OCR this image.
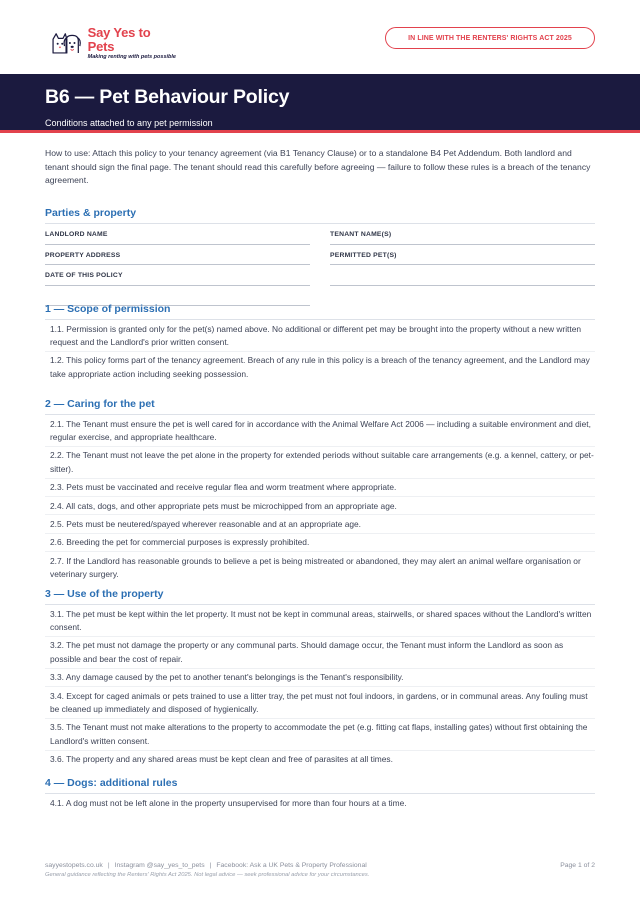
Say Yes to Pets
Making renting with pets possible
IN LINE WITH THE RENTERS' RIGHTS ACT 2025
B6 — Pet Behaviour Policy
Conditions attached to any pet permission

How to use: Attach this policy to your tenancy agreement (via B1 Tenancy Clause) or to a standalone B4 Pet Addendum. Both landlord and tenant should sign the final page. The tenant should read this carefully before agreeing — failure to follow these rules is a breach of the tenancy agreement.

Parties & property
LANDLORD NAME	TENANT NAME(S)
PROPERTY ADDRESS	PERMITTED PET(S)
DATE OF THIS POLICY
1 — Scope of permission
1.1. Permission is granted only for the pet(s) named above. No additional or different pet may be brought into the property without a new written request and the Landlord's prior written consent.
1.2. This policy forms part of the tenancy agreement. Breach of any rule in this policy is a breach of the tenancy agreement, and the Landlord may take appropriate action including seeking possession.
2 — Caring for the pet
2.1. The Tenant must ensure the pet is well cared for in accordance with the Animal Welfare Act 2006 — including a suitable environment and diet, regular exercise, and appropriate healthcare.
2.2. The Tenant must not leave the pet alone in the property for extended periods without suitable care arrangements (e.g. a kennel, cattery, or pet-sitter).
2.3. Pets must be vaccinated and receive regular flea and worm treatment where appropriate.
2.4. All cats, dogs, and other appropriate pets must be microchipped from an appropriate age.
2.5. Pets must be neutered/spayed wherever reasonable and at an appropriate age.
2.6. Breeding the pet for commercial purposes is expressly prohibited.
2.7. If the Landlord has reasonable grounds to believe a pet is being mistreated or abandoned, they may alert an animal welfare organisation or veterinary surgery.
3 — Use of the property
3.1. The pet must be kept within the let property. It must not be kept in communal areas, stairwells, or shared spaces without the Landlord's written consent.
3.2. The pet must not damage the property or any communal parts. Should damage occur, the Tenant must inform the Landlord as soon as possible and bear the cost of repair.
3.3. Any damage caused by the pet to another tenant's belongings is the Tenant's responsibility.
3.4. Except for caged animals or pets trained to use a litter tray, the pet must not foul indoors, in gardens, or in communal areas. Any fouling must be cleaned up immediately and disposed of hygienically.
3.5. The Tenant must not make alterations to the property to accommodate the pet (e.g. fitting cat flaps, installing gates) without first obtaining the Landlord's written consent.
3.6. The property and any shared areas must be kept clean and free of parasites at all times.
4 — Dogs: additional rules
4.1. A dog must not be left alone in the property unsupervised for more than four hours at a time.
sayyestopets.co.uk | Instagram @say_yes_to_pets | Facebook: Ask a UK Pets & Property Professional	Page 1 of 2
General guidance reflecting the Renters' Rights Act 2025. Not legal advice — seek professional advice for your circumstances.
